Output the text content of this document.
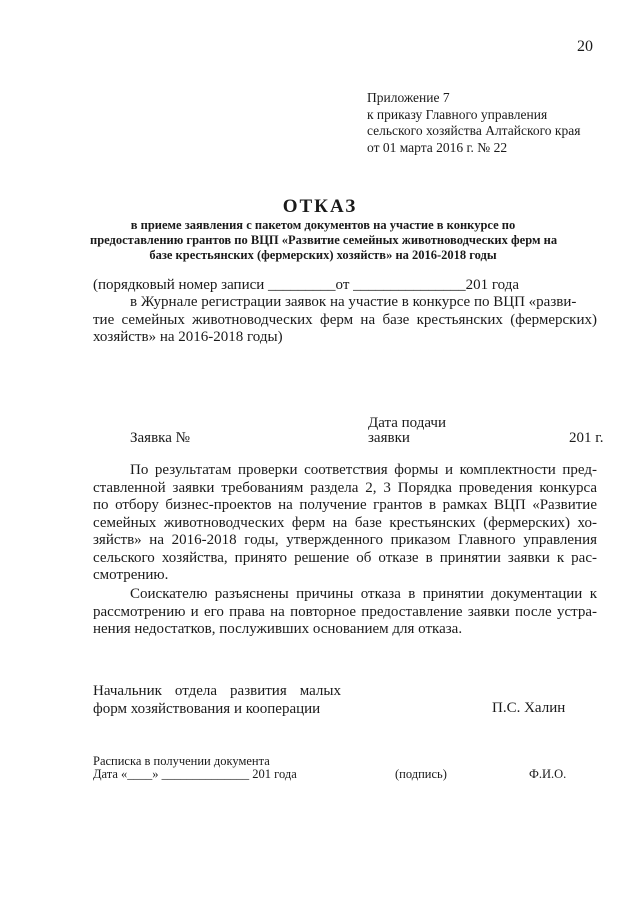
20
Приложение 7
к приказу Главного управления
сельского хозяйства Алтайского края
от 01 марта 2016 г. № 22
ОТКАЗ
в приеме заявления с пакетом документов на участие в конкурсе по
предоставлению грантов по ВЦП «Развитие семейных животноводческих ферм на
базе крестьянских (фермерских) хозяйств» на 2016-2018 годы
(порядковый номер записи _________от _______________201 года
в Журнале регистрации заявок на участие в конкурсе по ВЦП «разви-
тие семейных животноводческих ферм на базе крестьянских (фермерских)
хозяйств» на 2016-2018 годы)
Дата подачи
Заявка №	заявки	201 г.
По результатам проверки соответствия формы и комплектности пред-
ставленной заявки требованиям раздела 2, 3 Порядка проведения конкурса
по отбору бизнес-проектов на получение грантов в рамках ВЦП «Развитие
семейных животноводческих ферм на базе крестьянских (фермерских) хо-
зяйств» на 2016-2018 годы, утвержденного приказом Главного управления
сельского хозяйства, принято решение об отказе в принятии заявки к рас-
смотрению.
Соискателю разъяснены причины отказа в принятии документации к
рассмотрению и его права на повторное предоставление заявки после устра-
нения недостатков, послуживших основанием для отказа.
Начальник отдела развития малых
форм хозяйствования и кооперации	П.С. Халин
Расписка в получении документа
Дата «____» ______________ 201 года	(подпись)	Ф.И.О.
